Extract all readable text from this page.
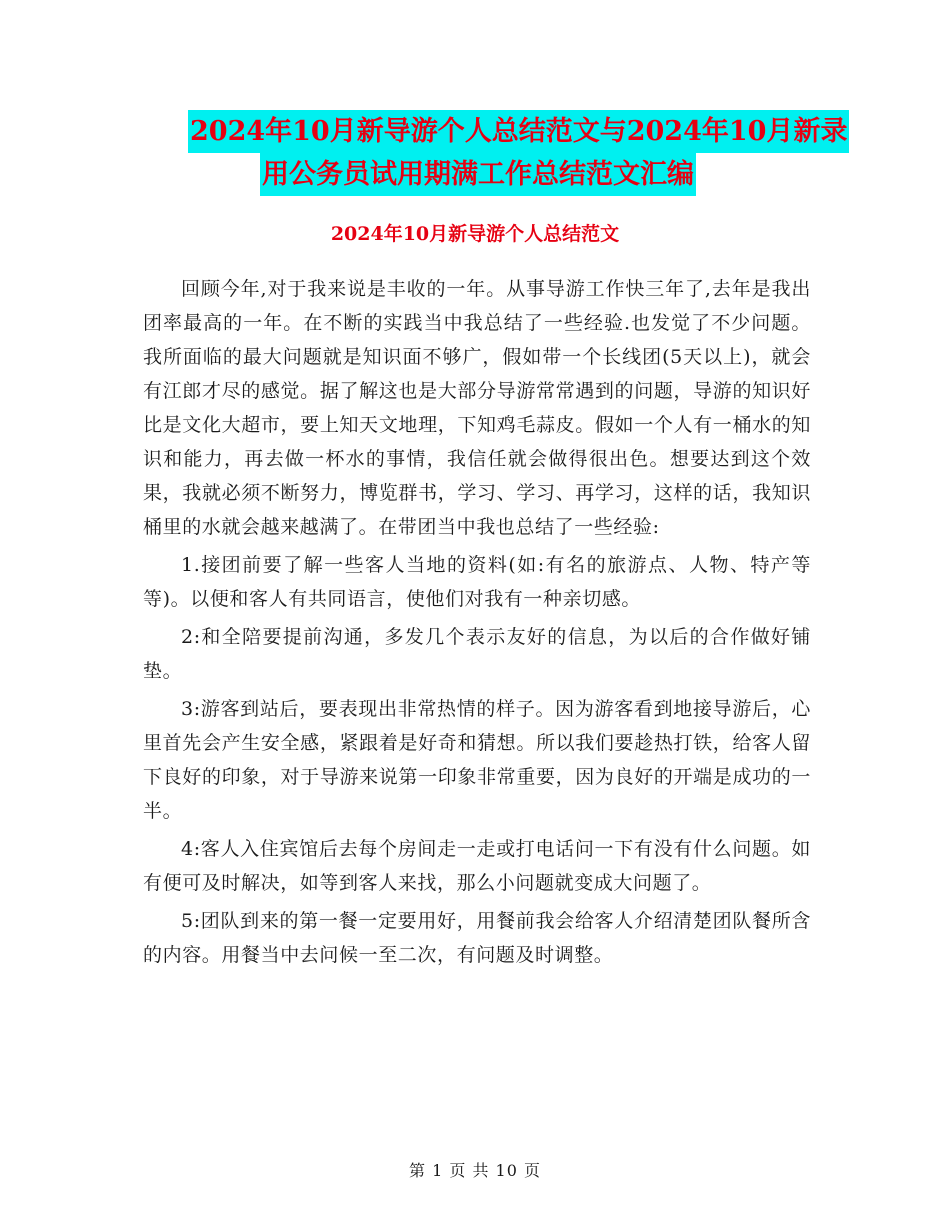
2024年10月新导游个人总结范文与2024年10月新录
用公务员试用期满工作总结范文汇编
2024年10月新导游个人总结范文

回顾今年,对于我来说是丰收的一年。从事导游工作快三年了,去年是我出团率最高的一年。在不断的实践当中我总结了一些经验.也发觉了不少问题。我所面临的最大问题就是知识面不够广，假如带一个长线团(5天以上)，就会有江郎才尽的感觉。据了解这也是大部分导游常常遇到的问题，导游的知识好比是文化大超市，要上知天文地理，下知鸡毛蒜皮。假如一个人有一桶水的知识和能力，再去做一杯水的事情，我信任就会做得很出色。想要达到这个效果，我就必须不断努力，博览群书，学习、学习、再学习，这样的话，我知识桶里的水就会越来越满了。在带团当中我也总结了一些经验:

1.接团前要了解一些客人当地的资料(如:有名的旅游点、人物、特产等等)。以便和客人有共同语言，使他们对我有一种亲切感。

2:和全陪要提前沟通，多发几个表示友好的信息，为以后的合作做好铺垫。

3:游客到站后，要表现出非常热情的样子。因为游客看到地接导游后，心里首先会产生安全感，紧跟着是好奇和猜想。所以我们要趁热打铁，给客人留下良好的印象，对于导游来说第一印象非常重要，因为良好的开端是成功的一半。

4:客人入住宾馆后去每个房间走一走或打电话问一下有没有什么问题。如有便可及时解决，如等到客人来找，那么小问题就变成大问题了。

5:团队到来的第一餐一定要用好，用餐前我会给客人介绍清楚团队餐所含的内容。用餐当中去问候一至二次，有问题及时调整。

第 1 页 共 10 页
